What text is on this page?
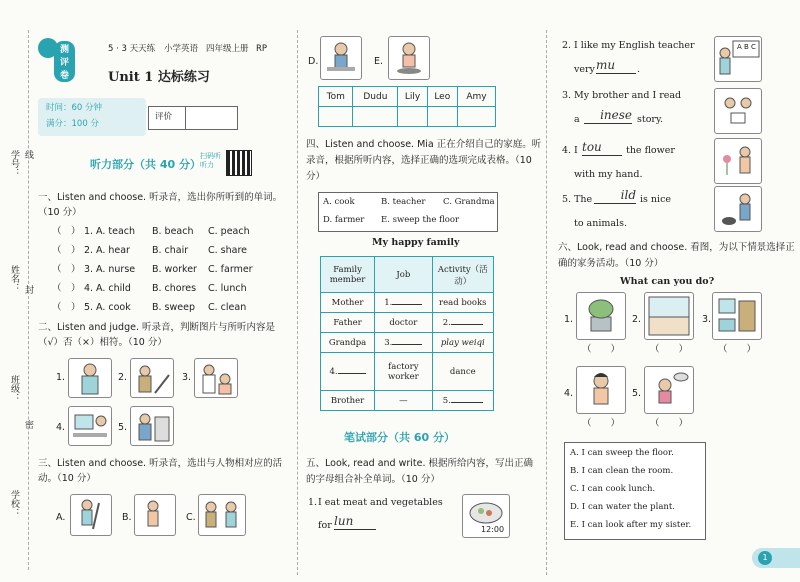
学号： 线
姓名： 封
班级：
密
学校：
测评卷
5 · 3 天天练 小学英语 四年级上册 RP
Unit 1 达标练习
时间：60 分钟
满分：100 分
评价
听力部分（共 40 分）
扫码听听力
一、Listen and choose. 听录音，选出你所听到的单词。（10 分）
（　） 1. A. teach B. beach C. peach
（　） 2. A. hear B. chair C. share
（　） 3. A. nurse B. worker C. farmer
（　） 4. A. child B. chores C. lunch
（　） 5. A. cook B. sweep C. clean
二、Listen and judge. 听录音，判断图片与所听内容是（√）否（×）相符。（10 分）
1.	2.	3.
4.	5.
三、Listen and choose. 听录音，选出与人物相对应的活动。（10 分）
A.	B.	C.
D.	E.
Tom	Dudu	Lily	Leo	Amy

四、Listen and choose. Mia 正在介绍自己的家庭。听录音，根据所听内容，选择正确的选项完成表格。（10 分）
A. cook	B. teacher C. Grandma
D. farmer E. sweep the floor
My happy family
Family member	Job	Activity（活动）
Mother	1.	read books
Father	doctor	2.
Grandpa	3.	play weiqi
4.	factory worker	dance
Brother	—	5.
笔试部分（共 60 分）
五、Look, read and write. 根据所给内容，写出正确的字母组合补全单词。（10 分）
1. I eat meat and vegetables
for lun
12:00
2. I like my English teacher
very mu	.
A B C
3. My brother and I read
a	inese story.
4. I tou	the flower
with my hand.
5. The	ild is nice
to animals.
六、Look, read and choose. 看图，为以下情景选择正确的家务活动。（10 分）
What can you do?
1.
（　　）
2.
（　　）
3.
（　　）
4.
（　　）
5.
（　　）
A. I can sweep the floor.
B. I can clean the room.
C. I can cook lunch.
D. I can water the plant.
E. I can look after my sister.
1
